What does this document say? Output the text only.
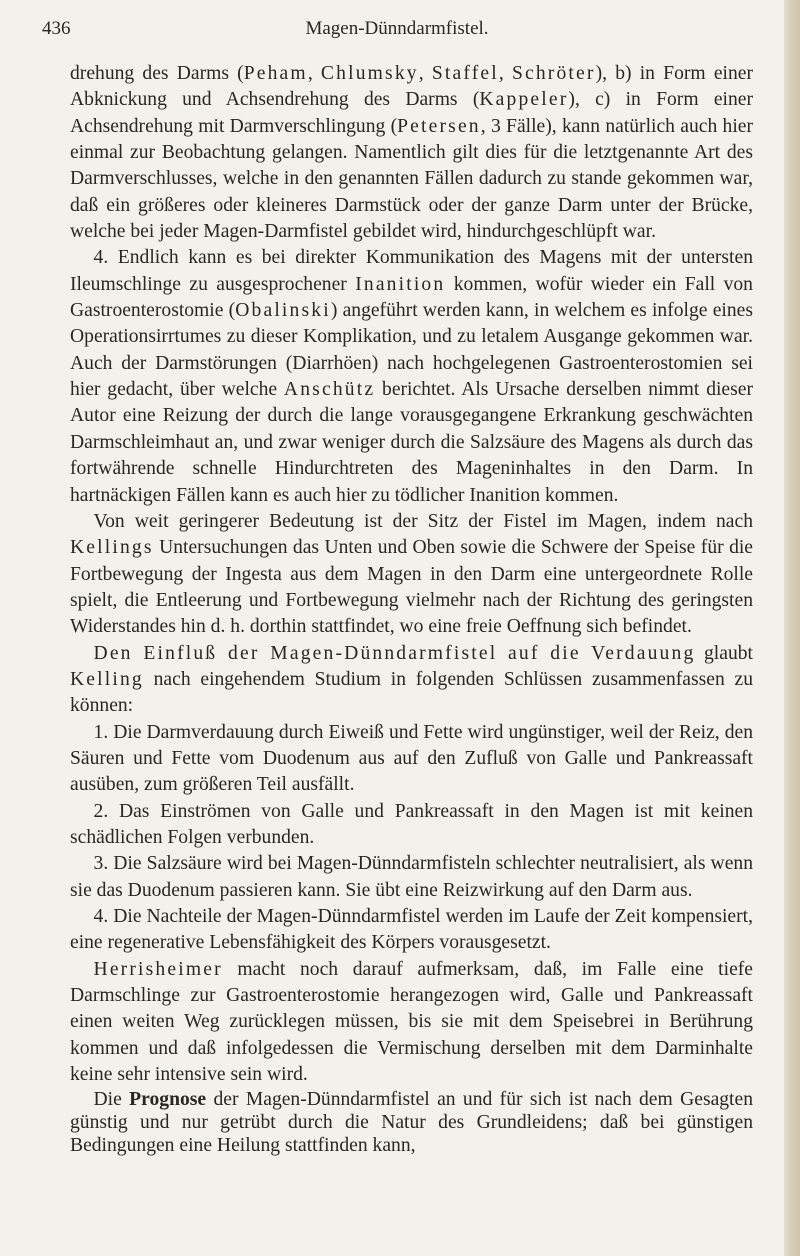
436	Magen-Dünndarmfistel.

drehung des Darms (Peham, Chlumsky, Staffel, Schröter), b) in Form einer Abknickung und Achsendrehung des Darms (Kappeler), c) in Form einer Achsendrehung mit Darmverschlingung (Petersen, 3 Fälle), kann natürlich auch hier einmal zur Beobachtung gelangen. Namentlich gilt dies für die letztgenannte Art des Darmverschlusses, welche in den genannten Fällen dadurch zu stande gekommen war, daß ein größeres oder kleineres Darmstück oder der ganze Darm unter der Brücke, welche bei jeder Magen-Darmfistel gebildet wird, hindurchgeschlüpft war.

4. Endlich kann es bei direkter Kommunikation des Magens mit der untersten Ileumschlinge zu ausgesprochener Inanition kommen, wofür wieder ein Fall von Gastroenterostomie (Obalinski) angeführt werden kann, in welchem es infolge eines Operationsirrtumes zu dieser Komplikation, und zu letalem Ausgange gekommen war. Auch der Darmstörungen (Diarrhöen) nach hochgelegenen Gastroenterostomien sei hier gedacht, über welche Anschütz berichtet. Als Ursache derselben nimmt dieser Autor eine Reizung der durch die lange vorausgegangene Erkrankung geschwächten Darmschleimhaut an, und zwar weniger durch die Salzsäure des Magens als durch das fortwährende schnelle Hindurchtreten des Mageninhaltes in den Darm. In hartnäckigen Fällen kann es auch hier zu tödlicher Inanition kommen.

Von weit geringerer Bedeutung ist der Sitz der Fistel im Magen, indem nach Kellings Untersuchungen das Unten und Oben sowie die Schwere der Speise für die Fortbewegung der Ingesta aus dem Magen in den Darm eine untergeordnete Rolle spielt, die Entleerung und Fortbewegung vielmehr nach der Richtung des geringsten Widerstandes hin d. h. dorthin stattfindet, wo eine freie Oeffnung sich befindet.

Den Einfluß der Magen-Dünndarmfistel auf die Verdauung glaubt Kelling nach eingehendem Studium in folgenden Schlüssen zusammenfassen zu können:

1. Die Darmverdauung durch Eiweiß und Fette wird ungünstiger, weil der Reiz, den Säuren und Fette vom Duodenum aus auf den Zufluß von Galle und Pankreassaft ausüben, zum größeren Teil ausfällt.

2. Das Einströmen von Galle und Pankreassaft in den Magen ist mit keinen schädlichen Folgen verbunden.

3. Die Salzsäure wird bei Magen-Dünndarmfisteln schlechter neutralisiert, als wenn sie das Duodenum passieren kann. Sie übt eine Reizwirkung auf den Darm aus.

4. Die Nachteile der Magen-Dünndarmfistel werden im Laufe der Zeit kompensiert, eine regenerative Lebensfähigkeit des Körpers vorausgesetzt.

Herrisheimer macht noch darauf aufmerksam, daß, im Falle eine tiefe Darmschlinge zur Gastroenterostomie herangezogen wird, Galle und Pankreassaft einen weiten Weg zurücklegen müssen, bis sie mit dem Speisebrei in Berührung kommen und daß infolgedessen die Vermischung derselben mit dem Darminhalte keine sehr intensive sein wird.

Die Prognose der Magen-Dünndarmfistel an und für sich ist nach dem Gesagten günstig und nur getrübt durch die Natur des Grundleidens; daß bei günstigen Bedingungen eine Heilung stattfinden kann,
